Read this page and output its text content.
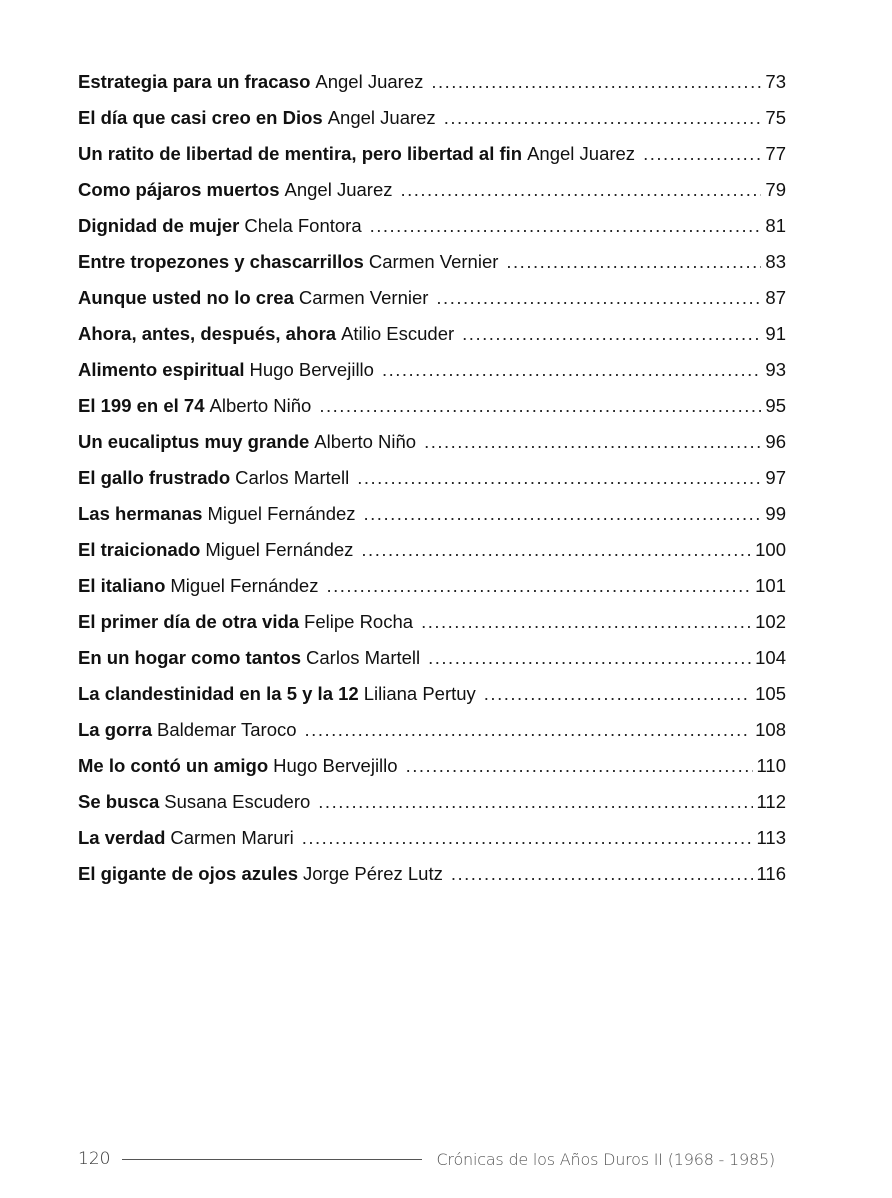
Estrategia para un fracaso Angel Juarez .....	73
El día que casi creo en Dios Angel Juarez .....	75
Un ratito de libertad de mentira, pero libertad al fin Angel Juarez .....	77
Como pájaros muertos Angel Juarez .....	79
Dignidad de mujer Chela Fontora .....	81
Entre tropezones y chascarrillos Carmen Vernier .....	83
Aunque usted no lo crea Carmen Vernier .....	87
Ahora, antes, después, ahora Atilio Escuder .....	91
Alimento espiritual Hugo Bervejillo .....	93
El 199 en el 74 Alberto Niño .....	95
Un eucaliptus muy grande Alberto Niño .....	96
El gallo frustrado Carlos Martell .....	97
Las hermanas Miguel Fernández .....	99
El traicionado Miguel Fernández .....	100
El italiano Miguel Fernández .....	101
El primer día de otra vida Felipe Rocha .....	102
En un hogar como tantos Carlos Martell .....	104
La clandestinidad en la 5 y la 12 Liliana Pertuy .....	105
La gorra Baldemar Taroco .....	108
Me lo contó un amigo Hugo Bervejillo .....	110
Se busca Susana Escudero .....	112
La verdad Carmen Maruri .....	113
El gigante de ojos azules Jorge Pérez Lutz .....	116
120	Crónicas de los Años Duros II (1968 - 1985)
